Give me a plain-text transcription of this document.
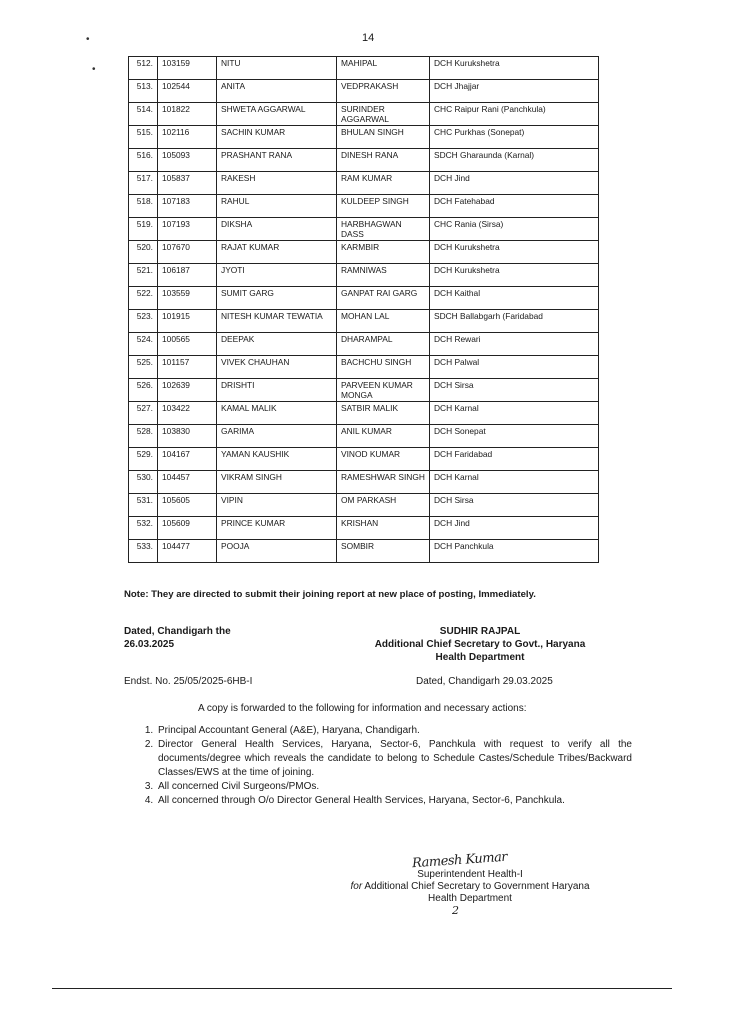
•
•
14
512.	103159	NITU	MAHIPAL	DCH Kurukshetra
513.	102544	ANITA	VEDPRAKASH	DCH Jhajjar
514.	101822	SHWETA AGGARWAL	SURINDER AGGARWAL	CHC Raipur Rani (Panchkula)
515.	102116	SACHIN KUMAR	BHULAN SINGH	CHC Purkhas (Sonepat)
516.	105093	PRASHANT RANA	DINESH RANA	SDCH Gharaunda (Karnal)
517.	105837	RAKESH	RAM KUMAR	DCH Jind
518.	107183	RAHUL	KULDEEP SINGH	DCH Fatehabad
519.	107193	DIKSHA	HARBHAGWAN DASS	CHC Rania (Sirsa)
520.	107670	RAJAT KUMAR	KARMBIR	DCH Kurukshetra
521.	106187	JYOTI	RAMNIWAS	DCH Kurukshetra
522.	103559	SUMIT GARG	GANPAT RAI GARG	DCH Kaithal
523.	101915	NITESH KUMAR TEWATIA	MOHAN LAL	SDCH Ballabgarh (Faridabad
524.	100565	DEEPAK	DHARAMPAL	DCH Rewari
525.	101157	VIVEK CHAUHAN	BACHCHU SINGH	DCH Palwal
526.	102639	DRISHTI	PARVEEN KUMAR MONGA	DCH Sirsa
527.	103422	KAMAL MALIK	SATBIR MALIK	DCH Karnal
528.	103830	GARIMA	ANIL KUMAR	DCH Sonepat
529.	104167	YAMAN KAUSHIK	VINOD KUMAR	DCH Faridabad
530.	104457	VIKRAM SINGH	RAMESHWAR SINGH	DCH Karnal
531.	105605	VIPIN	OM PARKASH	DCH Sirsa
532.	105609	PRINCE KUMAR	KRISHAN	DCH Jind
533.	104477	POOJA	SOMBIR	DCH Panchkula
Note: They are directed to submit their joining report at new place of posting, Immediately.
Dated, Chandigarh the
26.03.2025
SUDHIR RAJPAL
Additional Chief Secretary to Govt., Haryana
Health Department
Endst. No. 25/05/2025-6HB-I	Dated, Chandigarh 29.03.2025
A copy is forwarded to the following for information and necessary actions:
1. Principal Accountant General (A&E), Haryana, Chandigarh.
2. Director General Health Services, Haryana, Sector-6, Panchkula with request to verify all the documents/degree which reveals the candidate to belong to Schedule Castes/Schedule Tribes/Backward Classes/EWS at the time of joining.
3. All concerned Civil Surgeons/PMOs.
4. All concerned through O/o Director General Health Services, Haryana, Sector-6, Panchkula.
Ramesh Kumar
Superintendent Health-I
for Additional Chief Secretary to Government Haryana
Health Department
2
